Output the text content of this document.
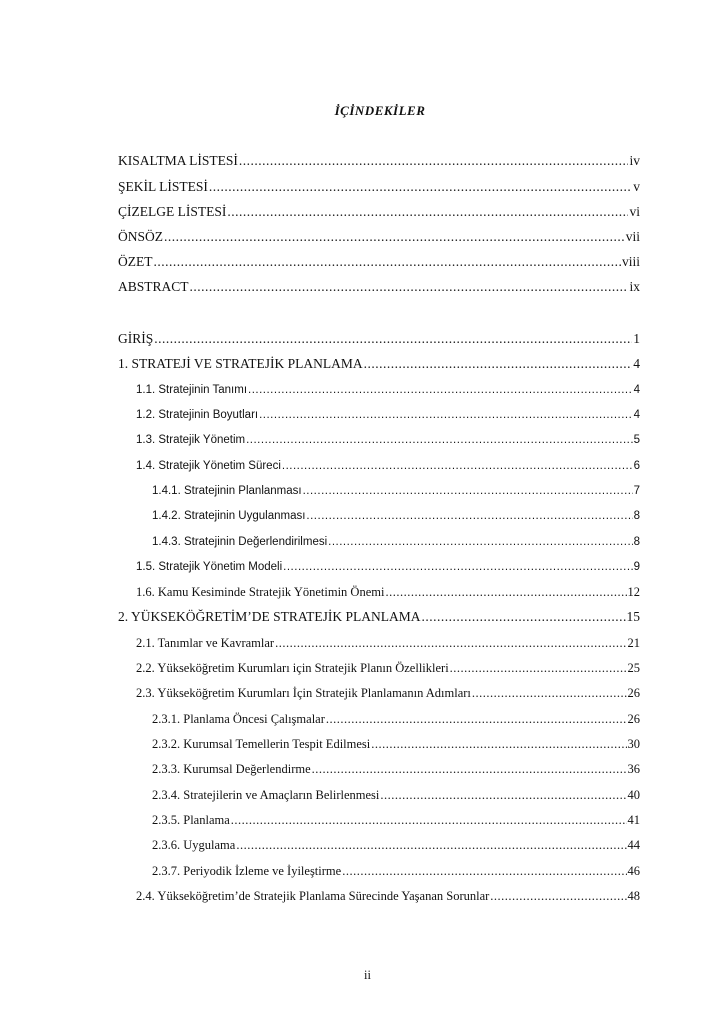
İÇİNDEKİLER
KISALTMA LİSTESİ .....	iv
ŞEKİL LİSTESİ .....	v
ÇİZELGE LİSTESİ .....	vi
ÖNSÖZ .....	vii
ÖZET .....	viii
ABSTRACT .....	ix
GİRİŞ .....	1
1. STRATEJİ VE STRATEJİK PLANLAMA .....	4
1.1. Stratejinin Tanımı .....	4
1.2. Stratejinin Boyutları .....	4
1.3. Stratejik Yönetim .....	5
1.4. Stratejik Yönetim Süreci .....	6
1.4.1. Stratejinin Planlanması .....	7
1.4.2. Stratejinin Uygulanması .....	8
1.4.3. Stratejinin Değerlendirilmesi .....	8
1.5. Stratejik Yönetim Modeli .....	9
1.6. Kamu Kesiminde Stratejik Yönetimin Önemi .....	12
2. YÜKSEKÖĞRETİM’DE STRATEJİK PLANLAMA .....	15
2.1. Tanımlar ve Kavramlar .....	21
2.2. Yükseköğretim Kurumları için Stratejik Planın Özellikleri .....	25
2.3. Yükseköğretim Kurumları İçin Stratejik Planlamanın Adımları .....	26
2.3.1. Planlama Öncesi Çalışmalar .....	26
2.3.2. Kurumsal Temellerin Tespit Edilmesi .....	30
2.3.3. Kurumsal Değerlendirme .....	36
2.3.4. Stratejilerin ve Amaçların Belirlenmesi .....	40
2.3.5. Planlama .....	41
2.3.6. Uygulama .....	44
2.3.7. Periyodik İzleme ve İyileştirme .....	46
2.4. Yükseköğretim’de Stratejik Planlama Sürecinde Yaşanan Sorunlar .....	48
ii
